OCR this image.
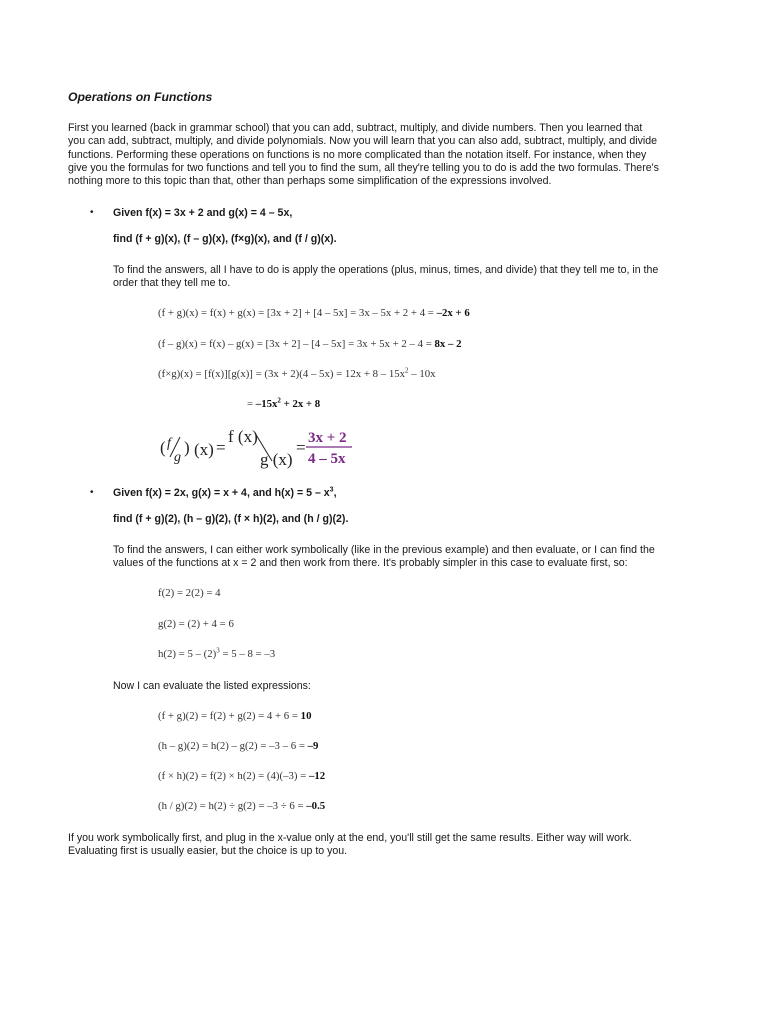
Operations on Functions
First you learned (back in grammar school) that you can add, subtract, multiply, and divide numbers. Then you learned that
you can add, subtract, multiply, and divide polynomials. Now you will learn that you can also add, subtract, multiply, and divide
functions. Performing these operations on functions is no more complicated than the notation itself. For instance, when they
give you the formulas for two functions and tell you to find the sum, all they're telling you to do is add the two formulas. There's
nothing more to this topic than that, other than perhaps some simplification of the expressions involved.
• Given f(x) = 3x + 2 and g(x) = 4 – 5x,
find (f + g)(x), (f – g)(x), (f×g)(x), and (f / g)(x).
To find the answers, all I have to do is apply the operations (plus, minus, times, and divide) that they tell me to, in the
order that they tell me to.
(f + g)(x) = f(x) + g(x) = [3x + 2] + [4 – 5x] = 3x – 5x + 2 + 4 = –2x + 6
(f – g)(x) = f(x) – g(x) = [3x + 2] – [4 – 5x] = 3x + 5x + 2 – 4 = 8x – 2
$(f\times g)(x) = [f(x)][g(x)] = (3x + 2)(4 - 5x) = 12x + 8 - 15x^2 - 10x$
= $-15x^2 + 2x + 8$
( f
g
) (x) =
f (x)
g (x)
= 3x + 2
4 – 5x
• Given f(x) = 2x, g(x) = x + 4, and $h(x) = 5 - x^3$,
find (f + g)(2), (h – g)(2), (f × h)(2), and (h / g)(2).
To find the answers, I can either work symbolically (like in the previous example) and then evaluate, or I can find the
values of the functions at x = 2 and then work from there. It's probably simpler in this case to evaluate first, so:
f(2) = 2(2) = 4
g(2) = (2) + 4 = 6
$h(2) = 5 - (2)^3 = 5 - 8 = -3$
Now I can evaluate the listed expressions:
(f + g)(2) = f(2) + g(2) = 4 + 6 = 10
(h – g)(2) = h(2) – g(2) = –3 – 6 = –9
(f × h)(2) = f(2) × h(2) = (4)(–3) = –12
(h / g)(2) = h(2) ÷ g(2) = –3 ÷ 6 = –0.5
If you work symbolically first, and plug in the x-value only at the end, you'll still get the same results. Either way will work.
Evaluating first is usually easier, but the choice is up to you.
